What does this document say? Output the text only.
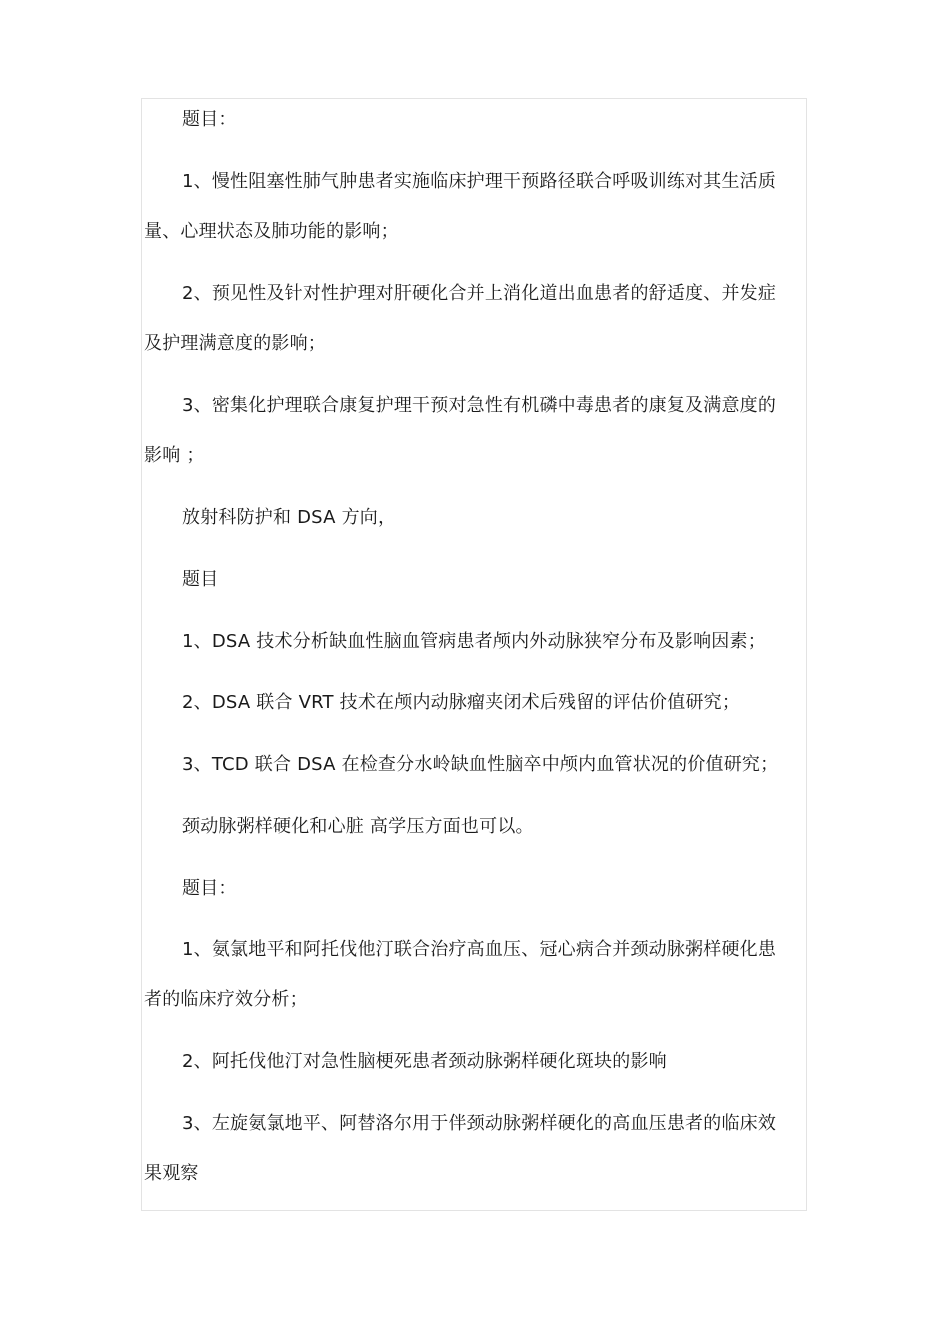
题目：
1、慢性阻塞性肺气肿患者实施临床护理干预路径联合呼吸训练对其生活质
量、心理状态及肺功能的影响；
2、预见性及针对性护理对肝硬化合并上消化道出血患者的舒适度、并发症
及护理满意度的影响；
3、密集化护理联合康复护理干预对急性有机磷中毒患者的康复及满意度的
影响 ；
放射科防护和 DSA 方向，
题目
1、DSA 技术分析缺血性脑血管病患者颅内外动脉狭窄分布及影响因素；
2、DSA 联合 VRT 技术在颅内动脉瘤夹闭术后残留的评估价值研究；
3、TCD 联合 DSA 在检查分水岭缺血性脑卒中颅内血管状况的价值研究；
颈动脉粥样硬化和心脏 高学压方面也可以。
题目：
1、氨氯地平和阿托伐他汀联合治疗高血压、冠心病合并颈动脉粥样硬化患
者的临床疗效分析；
2、阿托伐他汀对急性脑梗死患者颈动脉粥样硬化斑块的影响
3、左旋氨氯地平、阿替洛尔用于伴颈动脉粥样硬化的高血压患者的临床效
果观察
